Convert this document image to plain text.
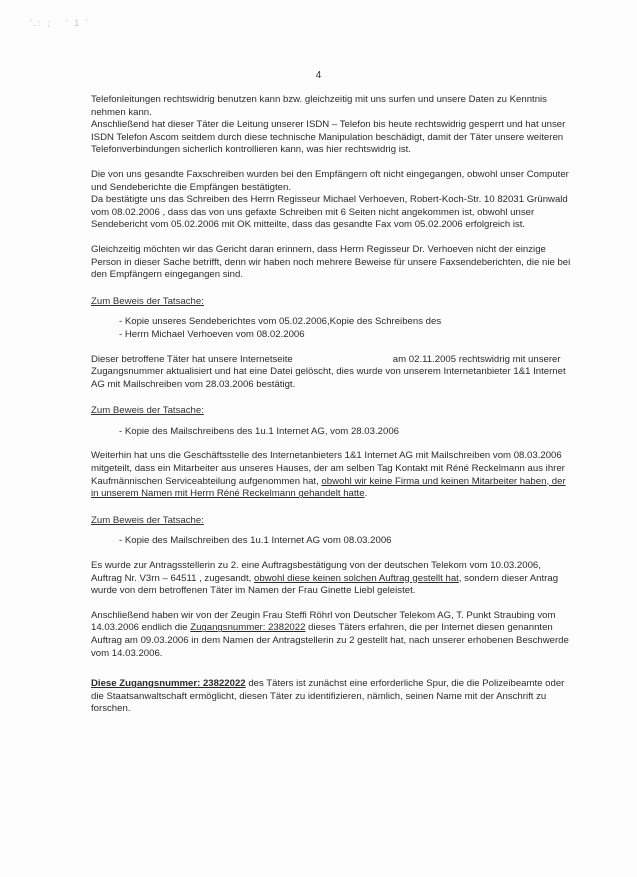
'.: ; ' 1 '
4

Telefonleitungen rechtswidrig benutzen kann bzw. gleichzeitig mit uns surfen und unsere Daten zu Kenntnis nehmen kann.

Anschließend hat dieser Täter die Leitung unserer ISDN – Telefon bis heute rechtswidrig gesperrt und hat unser ISDN Telefon Ascom seitdem durch diese technische Manipulation beschädigt, damit der Täter unsere weiteren Telefonverbindungen sicherlich kontrollieren kann, was hier rechtswidrig ist.

Die von uns gesandte Faxschreiben wurden bei den Empfängern oft nicht eingegangen, obwohl unser Computer und Sendeberichte die Empfängen bestätigten.

Da bestätigte uns das Schreiben des Herrn Regisseur Michael Verhoeven, Robert-Koch-Str. 10 82031 Grünwald vom 08.02.2006 , dass das von uns gefaxte Schreiben mit 6 Seiten nicht angekommen ist, obwohl unser Sendebericht vom 05.02.2006 mit OK mitteilte, dass das gesandte Fax vom 05.02.2006 erfolgreich ist.

Gleichzeitig möchten wir das Gericht daran erinnern, dass Herrn Regisseur Dr. Verhoeven nicht der einzige Person in dieser Sache betrifft, denn wir haben noch mehrere Beweise für unsere Faxsendeberichten, die nie bei den Empfängern eingegangen sind.

Zum Beweis der Tatsache:

- Kopie unseres Sendeberichtes vom 05.02.2006,Kopie des Schreibens des

- Herrn Michael Verhoeven vom 08.02.2006

Dieser betroffene Täter hat unsere Internetseite	am 02.11.2005 rechtswidrig mit unserer Zugangsnummer aktualisiert und hat eine Datei gelöscht, dies wurde von unserem Internetanbieter 1&1 Internet AG mit Mailschreiben vom 28.03.2006 bestätigt.

Zum Beweis der Tatsache:

- Kopie des Mailschreibens des 1u.1 Internet AG, vom 28.03.2006

Weiterhin hat uns die Geschäftsstelle des Internetanbieters 1&1 Internet AG mit Mailschreiben vom 08.03.2006 mitgeteilt, dass ein Mitarbeiter aus unseres Hauses, der am selben Tag Kontakt mit Réné Reckelmann aus ihrer Kaufmännischen Serviceabteilung aufgenommen hat, obwohl wir keine Firma und keinen Mitarbeiter haben, der in unserem Namen mit Herrn Réné Reckelmann gehandelt hatte.

Zum Beweis der Tatsache:

- Kopie des Mailschreiben des 1u.1 Internet AG vom 08.03.2006

Es wurde zur Antragsstellerin zu 2. eine Auftragsbestätigung von der deutschen Telekom vom 10.03.2006, Auftrag Nr. V3rn – 64511 , zugesandt, obwohl diese keinen solchen Auftrag gestellt hat, sondern dieser Antrag wurde von dem betroffenen Täter im Namen der Frau Ginette Liebl geleistet.

Anschließend haben wir von der Zeugin Frau Steffi Röhrl von Deutscher Telekom AG, T. Punkt Straubing vom 14.03.2006 endlich die Zugangsnummer: 2382022 dieses Täters erfahren, die per Internet diesen genannten Auftrag am 09.03.2006 in dem Namen der Antragstellerin zu 2 gestellt hat, nach unserer erhobenen Beschwerde vom 14.03.2006.

Diese Zugangsnummer: 23822022 des Täters ist zunächst eine erforderliche Spur, die die Polizeibeamte oder die Staatsanwaltschaft ermöglicht, diesen Täter zu identifizieren, nämlich, seinen Name mit der Anschrift zu forschen.
